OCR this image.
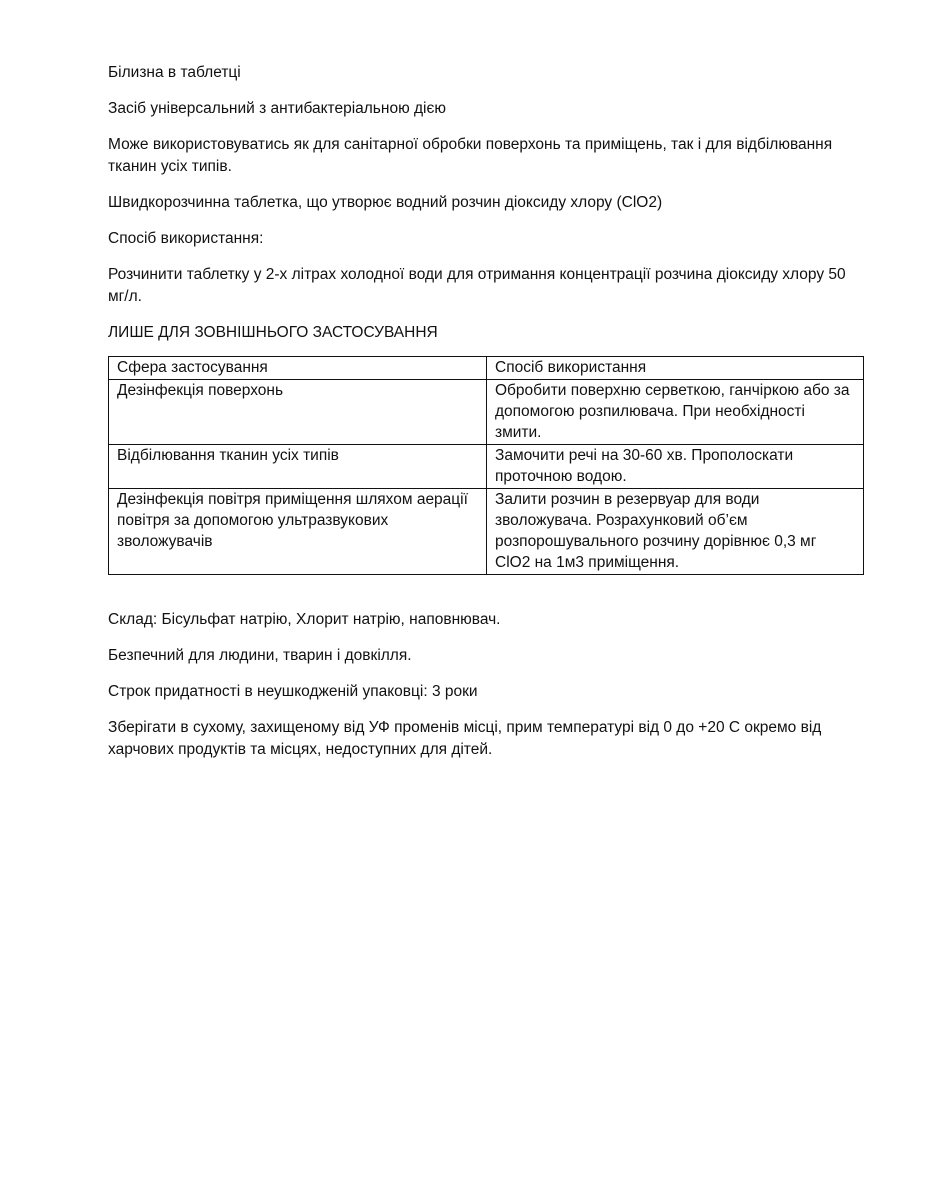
Білизна в таблетці

Засіб універсальний з антибактеріальною дією

Може використовуватись як для санітарної обробки поверхонь та приміщень, так і для відбілювання тканин усіх типів.

Швидкорозчинна таблетка, що утворює водний розчин діоксиду хлору (ClO2)

Спосіб використання:

Розчинити таблетку у 2-х літрах холодної води для отримання концентрації розчина діоксиду хлору 50 мг/л.

ЛИШЕ ДЛЯ ЗОВНІШНЬОГО ЗАСТОСУВАННЯ

Сфера застосування	Спосіб використання
Дезінфекція поверхонь	Обробити поверхню серветкою, ганчіркою або за допомогою розпилювача. При необхідності змити.
Відбілювання тканин усіх типів	Замочити речі на 30-60 хв. Прополоскати проточною водою.
Дезінфекція повітря приміщення шляхом аерації повітря за допомогою ультразвукових зволожувачів	Залити розчин в резервуар для води зволожувача. Розрахунковий об’єм розпорошувального розчину дорівнює 0,3 мг ClO2 на 1м3 приміщення.

Склад: Бісульфат натрію, Хлорит натрію, наповнювач.

Безпечний для людини, тварин і довкілля.

Строк придатності в неушкодженій упаковці: 3 роки

Зберігати в сухому, захищеному від УФ променів місці, прим температурі від 0 до +20 С окремо від харчових продуктів та місцях, недоступних для дітей.
